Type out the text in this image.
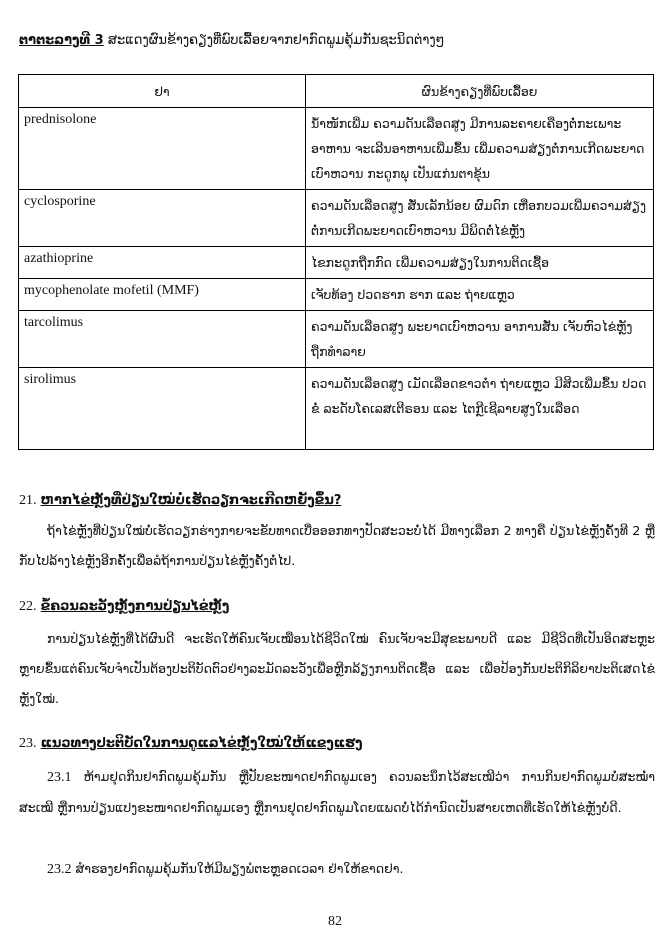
ຕາຕະລາງທີ 3 ສະແດງຜົນຂ້າງຄຽງທີ່ພົບເລື້ອຍຈາກຢາກົດພູມຄຸ້ມກັນຊະນິດຕ່າງໆ
ຢາ	ຜົນຂ້າງຄຽງທີ່ພົບເລື້ອຍ
prednisolone	ນ້ຳໜັກເພີ່ມ ຄວາມດັນເລືອດສູງ ມີການລະຄາຍເຄືອງຕໍ່ກະເພາະອາຫານ ຈະເລີນອາຫານເພີ່ມຂຶ້ນ ເພີ່ມຄວາມສ່ຽງຕໍ່ການເກີດພະຍາດເບົາຫວານ ກະດູກພຸ ເປັນແກ່ນຕາຂຸ້ນ
cyclosporine	ຄວາມດັນເລືອດສູງ ສັ່ນເລັກນ້ອຍ ຜົມດົກ ເຫືອກບວມເພີ່ມຄວາມສ່ຽງຕໍ່ການເກີດພະຍາດເບົາຫວານ ມີພິດຕໍ່ໄຂ່ຫຼັງ
azathioprine	ໄຂກະດູກຖືກກົດ ເພີ່ມຄວາມສ່ຽງໃນການຕິດເຊື້ອ
mycophenolate mofetil (MMF)	ເຈັບທ້ອງ ປວດຮາກ ຮາກ ແລະ ຖ່າຍແຫຼວ
tarcolimus	ຄວາມດັນເລືອດສູງ ພະຍາດເບົາຫວານ ອາການສັ່ນ ເຈັບຫົວໄຂ່ຫຼັງຖືກທຳລາຍ
sirolimus	ຄວາມດັນເລືອດສູງ ເມັດເລືອດຂາວຕ່ຳ ຖ່າຍແຫຼວ ມີສິວເພີ່ມຂຶ້ນ ປວດຂໍ່ ລະດັບໂຄເລສເຕີຣອນ ແລະ ໄຕກຼີເຊີລາຍສູງໃນເລືອດ
21. ຫາກໄຂ່ຫຼັງທີ່ປ່ຽນໃໝ່ບໍ່ເຮັດວຽກຈະເກີດຫຍັງຂຶ້ນ?
ຖ້າໄຂ່ຫຼັງທີ່ປ່ຽນໃໝ່ບໍ່ເຮັດວຽກຮ່າງກາຍຈະຂັບທາດເບື່ອອອກທາງປັດສະວະບໍ່ໄດ້ ມີທາງເລືອກ 2 ທາງຄື ປ່ຽນໄຂ່ຫຼັງຄັ້ງທີ 2 ຫຼືກັບໄປລ້າງໄຂ່ຫຼັງອີກຄັ້ງເພື່ອລໍຖ້າການປ່ຽນໄຂ່ຫຼັງຄັ້ງຕໍ່ໄປ.
22. ຂໍ້ຄວນລະວັງຫຼັງການປ່ຽນໄຂ່ຫຼັງ
ການປ່ຽນໄຂ່ຫຼັງທີ່ໄດ້ຜົນດີ ຈະເຮັດໃຫ້ຄົນເຈັບເໝືອນໄດ້ຊີວິດໃໝ່ ຄົນເຈັບຈະມີສຸຂະພາບດີ ແລະ ມີຊີວິດທີ່ເປັນອິດສະຫຼະຫຼາຍຂຶ້ນແຕ່ຄົນເຈັບຈຳເປັນຕ້ອງປະຕິບັດຕົວຢ່າງລະມັດລະວັງເພື່ອຫຼີກລ້ຽງການຕິດເຊື້ອ ແລະ ເພື່ອປ້ອງກັນປະຕິກິລິຍາປະຕິເສດໄຂ່ຫຼັງໃໝ່.
23. ແນວທາງປະຕິບັດໃນການດູແລໄຂ່ຫຼັງໃໝ່ໃຫ້ແຂງແຮງ
23.1 ຫ້າມຢຸດກິນຢາກົດພູມຄຸ້ມກັນ ຫຼືປັບຂະໜາດຢາກົດພູມເອງ ຄວນລະນຶກໄວ້ສະເໝີວ່າ ການກິນຢາກົດພູມບໍ່ສະໝ່ຳສະເໝີ ຫຼືການປ່ຽນແປງຂະໜາດຢາກົດພູມເອງ ຫຼືການຢຸດຢາກົດພູມໂດຍແພດບໍ່ໄດ້ກຳນົດເປັນສາຍເຫດທີ່ເຮັດໃຫ້ໄຂ່ຫຼັງບໍ່ດີ.
23.2 ສຳຮອງຢາກົດພູມຄຸ້ມກັນໃຫ້ມີພຽງພໍຕະຫຼອດເວລາ ຢ່າໃຫ້ຂາດຢາ.
82
